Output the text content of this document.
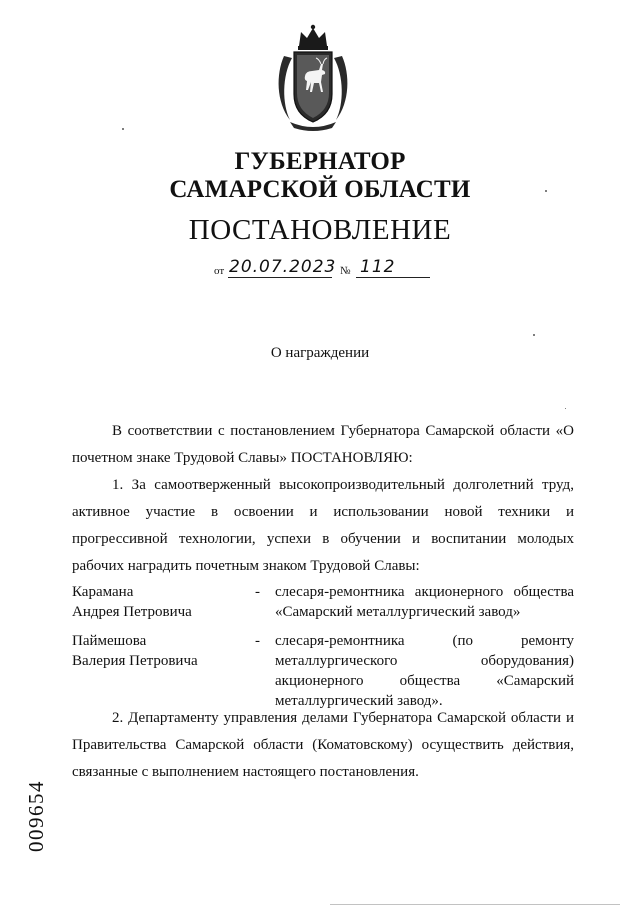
ГУБЕРНАТОР
САМАРСКОЙ ОБЛАСТИ
ПОСТАНОВЛЕНИЕ
от 20.07.2023 № 112
О награждении
В соответствии с постановлением Губернатора Самарской области «О почетном знаке Трудовой Славы» ПОСТАНОВЛЯЮ:
1. За самоотверженный высокопроизводительный долголетний труд, активное участие в освоении и использовании новой техники и прогрессивной технологии, успехи в обучении и воспитании молодых рабочих наградить почетным знаком Трудовой Славы:
Карамана
Андрея Петровича
- слесаря-ремонтника акционерного общества «Самарский металлургический завод»
Паймешова
Валерия Петровича
- слесаря-ремонтника (по ремонту металлургического оборудования) акционерного общества «Самарский металлургический завод».
2. Департаменту управления делами Губернатора Самарской области и Правительства Самарской области (Коматовскому) осуществить действия, связанные с выполнением настоящего постановления.
009654
